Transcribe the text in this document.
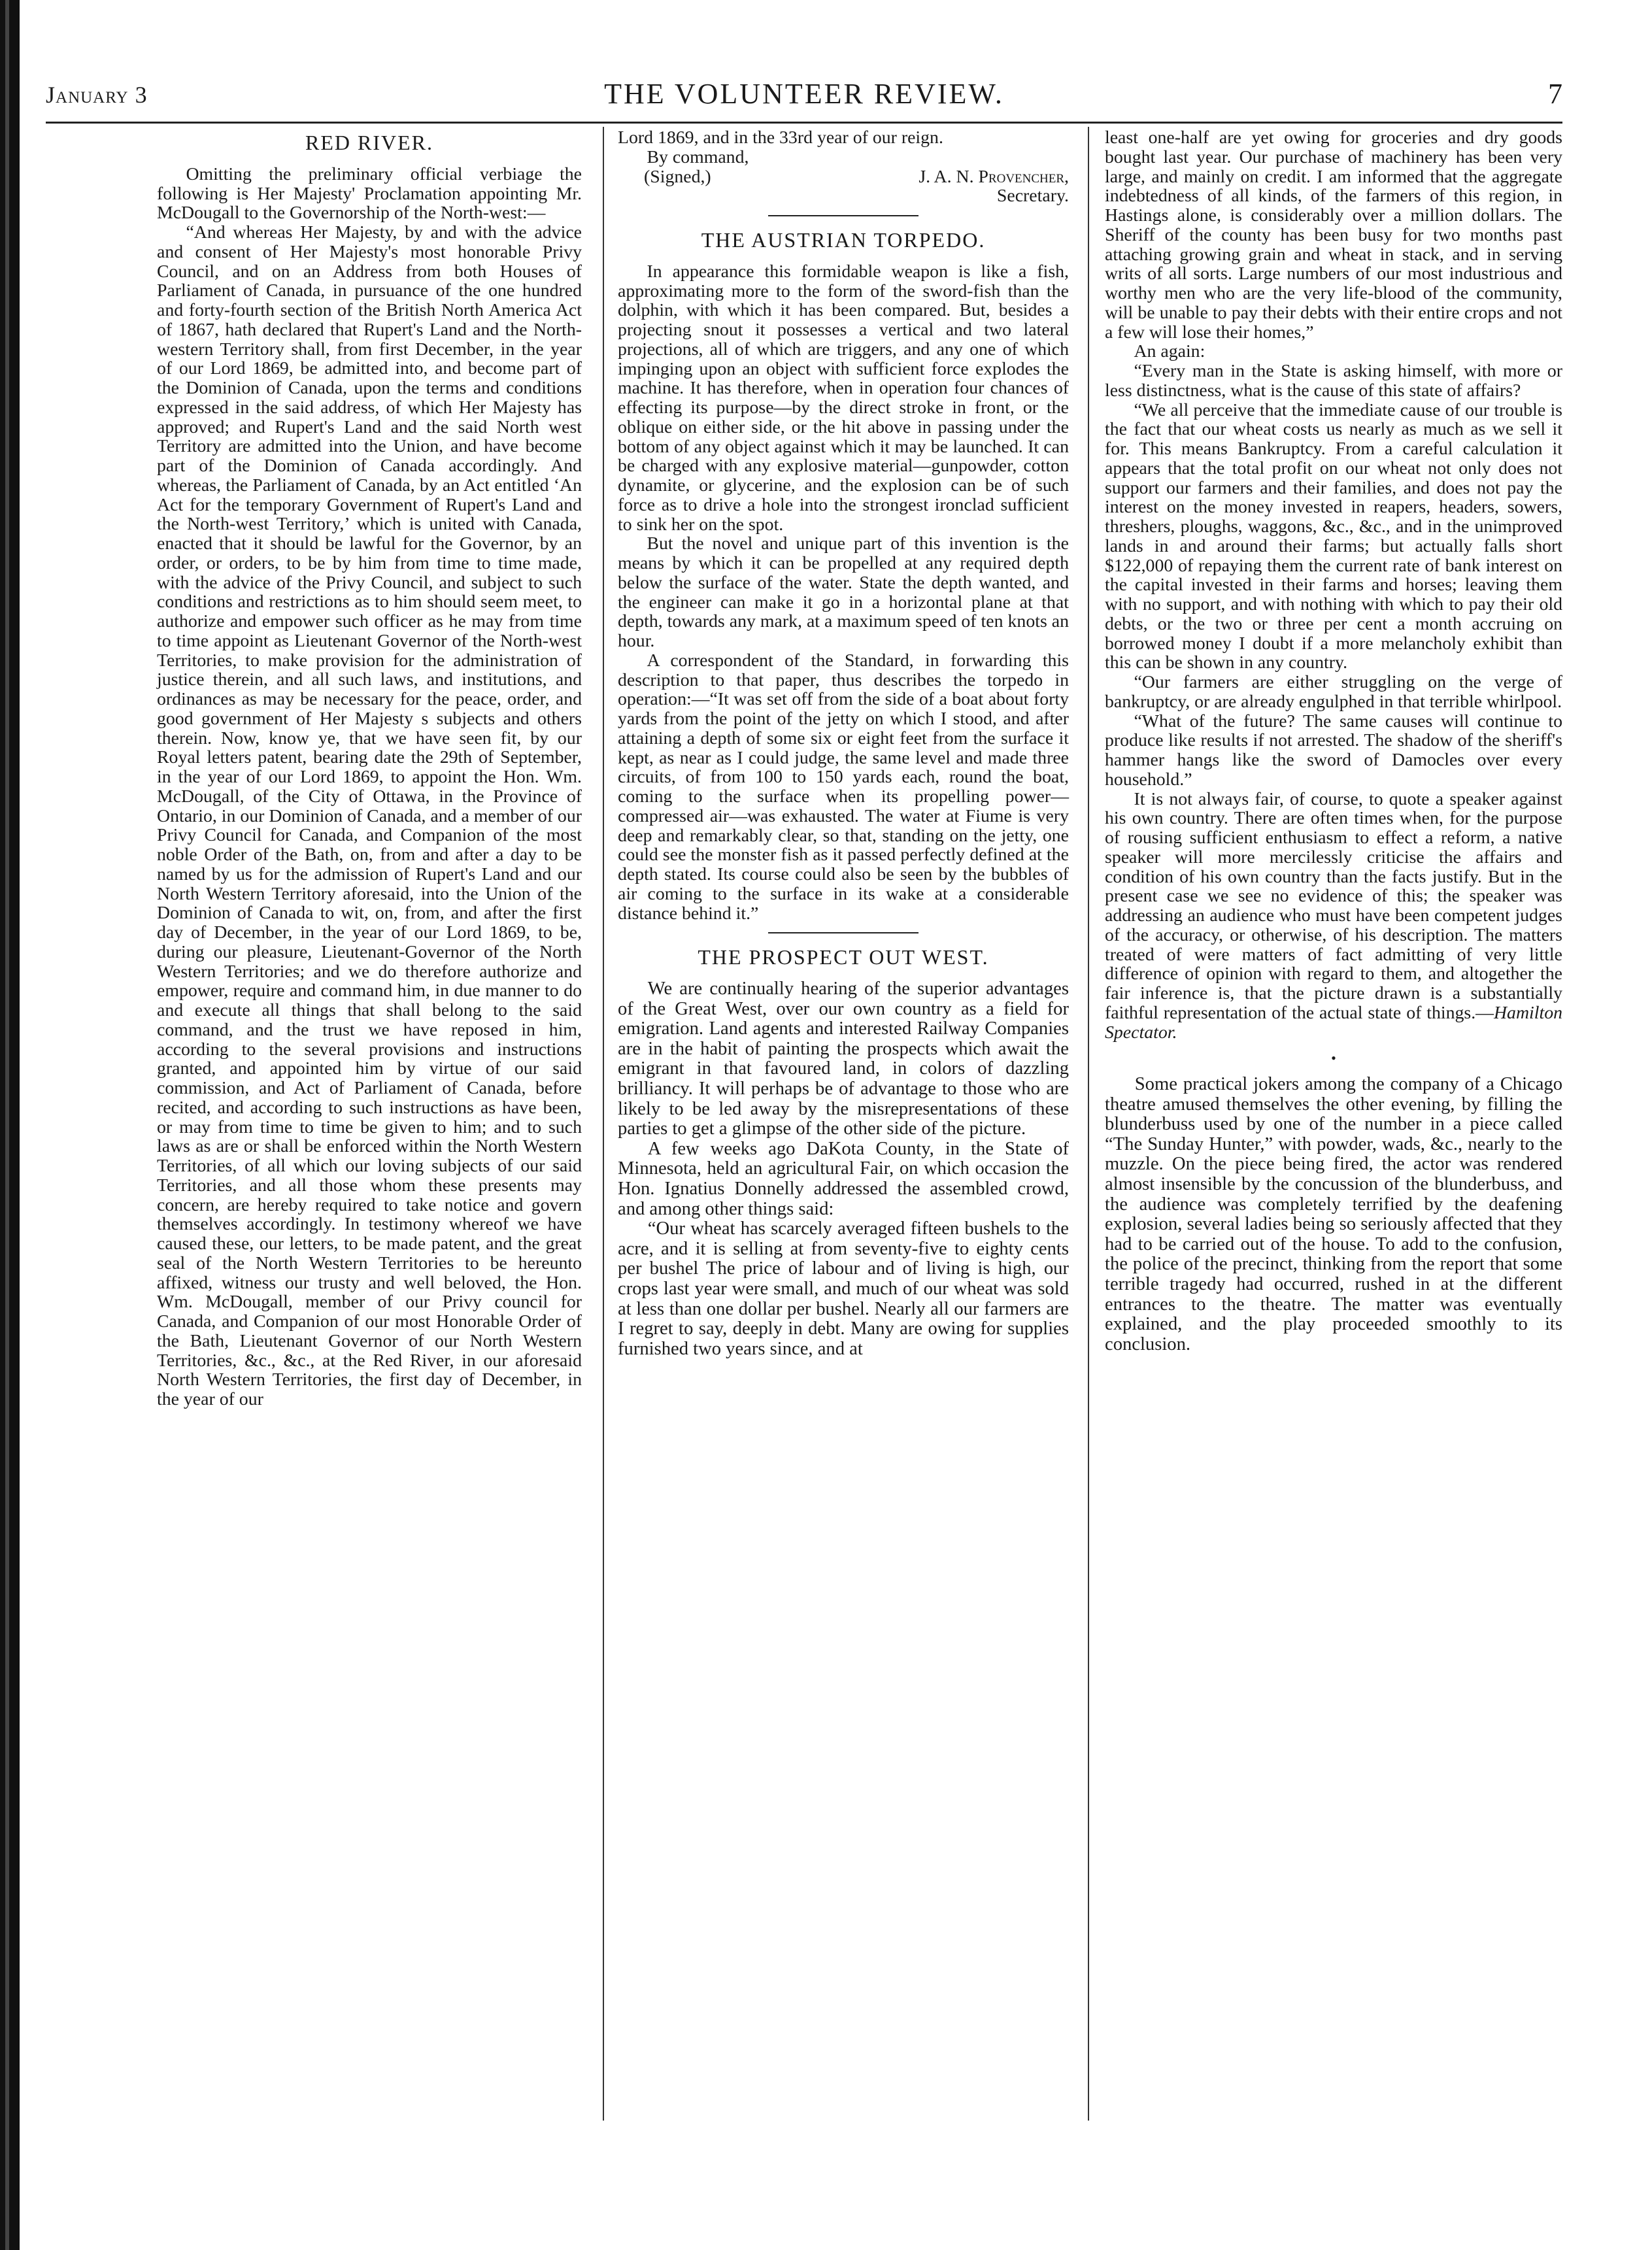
January 3	THE VOLUNTEER REVIEW.	7
RED RIVER.

Omitting the preliminary official verbiage the following is Her Majesty' Proclamation appointing Mr. McDougall to the Governorship of the North-west:—

“And whereas Her Majesty, by and with the advice and consent of Her Majesty's most honorable Privy Council, and on an Address from both Houses of Parliament of Canada, in pursuance of the one hundred and forty-fourth section of the British North America Act of 1867, hath declared that Rupert's Land and the North-western Territory shall, from first December, in the year of our Lord 1869, be admitted into, and become part of the Dominion of Canada, upon the terms and conditions expressed in the said address, of which Her Majesty has approved; and Rupert's Land and the said North west Territory are admitted into the Union, and have become part of the Dominion of Canada accordingly. And whereas, the Parliament of Canada, by an Act entitled ‘An Act for the temporary Government of Rupert's Land and the North-west Territory,’ which is united with Canada, enacted that it should be lawful for the Governor, by an order, or orders, to be by him from time to time made, with the advice of the Privy Council, and subject to such conditions and restrictions as to him should seem meet, to authorize and empower such officer as he may from time to time appoint as Lieutenant Governor of the North-west Territories, to make provision for the administration of justice therein, and all such laws, and institutions, and ordinances as may be necessary for the peace, order, and good government of Her Majesty s subjects and others therein. Now, know ye, that we have seen fit, by our Royal letters patent, bearing date the 29th of September, in the year of our Lord 1869, to appoint the Hon. Wm. McDougall, of the City of Ottawa, in the Province of Ontario, in our Dominion of Canada, and a member of our Privy Council for Canada, and Companion of the most noble Order of the Bath, on, from and after a day to be named by us for the admission of Rupert's Land and our North Western Territory aforesaid, into the Union of the Dominion of Canada to wit, on, from, and after the first day of December, in the year of our Lord 1869, to be, during our pleasure, Lieutenant-Governor of the North Western Territories; and we do therefore authorize and empower, require and command him, in due manner to do and execute all things that shall belong to the said command, and the trust we have reposed in him, according to the several provisions and instructions granted, and appointed him by virtue of our said commission, and Act of Parliament of Canada, before recited, and according to such instructions as have been, or may from time to time be given to him; and to such laws as are or shall be enforced within the North Western Territories, of all which our loving subjects of our said Territories, and all those whom these presents may concern, are hereby required to take notice and govern themselves accordingly. In testimony whereof we have caused these, our letters, to be made patent, and the great seal of the North Western Territories to be hereunto affixed, witness our trusty and well beloved, the Hon. Wm. McDougall, member of our Privy council for Canada, and Companion of our most Honorable Order of the Bath, Lieutenant Governor of our North Western Territories, &c., &c., at the Red River, in our aforesaid North Western Territories, the first day of December, in the year of our

Lord 1869, and in the 33rd year of our reign.

By command,

(Signed,)	J. A. N. Provencher,

Secretary.

THE AUSTRIAN TORPEDO.

In appearance this formidable weapon is like a fish, approximating more to the form of the sword-fish than the dolphin, with which it has been compared. But, besides a projecting snout it possesses a vertical and two lateral projections, all of which are triggers, and any one of which impinging upon an object with sufficient force explodes the machine. It has therefore, when in operation four chances of effecting its purpose—by the direct stroke in front, or the oblique on either side, or the hit above in passing under the bottom of any object against which it may be launched. It can be charged with any explosive material—gunpowder, cotton dynamite, or glycerine, and the explosion can be of such force as to drive a hole into the strongest ironclad sufficient to sink her on the spot.

But the novel and unique part of this invention is the means by which it can be propelled at any required depth below the surface of the water. State the depth wanted, and the engineer can make it go in a horizontal plane at that depth, towards any mark, at a maximum speed of ten knots an hour.

A correspondent of the Standard, in forwarding this description to that paper, thus describes the torpedo in operation:—“It was set off from the side of a boat about forty yards from the point of the jetty on which I stood, and after attaining a depth of some six or eight feet from the surface it kept, as near as I could judge, the same level and made three circuits, of from 100 to 150 yards each, round the boat, coming to the surface when its propelling power—compressed air—was exhausted. The water at Fiume is very deep and remarkably clear, so that, standing on the jetty, one could see the monster fish as it passed perfectly defined at the depth stated. Its course could also be seen by the bubbles of air coming to the surface in its wake at a considerable distance behind it.”

THE PROSPECT OUT WEST.

We are continually hearing of the superior advantages of the Great West, over our own country as a field for emigration. Land agents and interested Railway Companies are in the habit of painting the prospects which await the emigrant in that favoured land, in colors of dazzling brilliancy. It will perhaps be of advantage to those who are likely to be led away by the misrepresentations of these parties to get a glimpse of the other side of the picture.

A few weeks ago DaKota County, in the State of Minnesota, held an agricultural Fair, on which occasion the Hon. Ignatius Donnelly addressed the assembled crowd, and among other things said:

“Our wheat has scarcely averaged fifteen bushels to the acre, and it is selling at from seventy-five to eighty cents per bushel The price of labour and of living is high, our crops last year were small, and much of our wheat was sold at less than one dollar per bushel. Nearly all our farmers are I regret to say, deeply in debt. Many are owing for supplies furnished two years since, and at

least one-half are yet owing for groceries and dry goods bought last year. Our purchase of machinery has been very large, and mainly on credit. I am informed that the aggregate indebtedness of all kinds, of the farmers of this region, in Hastings alone, is considerably over a million dollars. The Sheriff of the county has been busy for two months past attaching growing grain and wheat in stack, and in serving writs of all sorts. Large numbers of our most industrious and worthy men who are the very life-blood of the community, will be unable to pay their debts with their entire crops and not a few will lose their homes,”

An again:

“Every man in the State is asking himself, with more or less distinctness, what is the cause of this state of affairs?

“We all perceive that the immediate cause of our trouble is the fact that our wheat costs us nearly as much as we sell it for. This means Bankruptcy. From a careful calculation it appears that the total profit on our wheat not only does not support our farmers and their families, and does not pay the interest on the money invested in reapers, headers, sowers, threshers, ploughs, waggons, &c., &c., and in the unimproved lands in and around their farms; but actually falls short $122,000 of repaying them the current rate of bank interest on the capital invested in their farms and horses; leaving them with no support, and with nothing with which to pay their old debts, or the two or three per cent a month accruing on borrowed money I doubt if a more melancholy exhibit than this can be shown in any country.

“Our farmers are either struggling on the verge of bankruptcy, or are already engulphed in that terrible whirlpool.

“What of the future? The same causes will continue to produce like results if not arrested. The shadow of the sheriff's hammer hangs like the sword of Damocles over every household.”

It is not always fair, of course, to quote a speaker against his own country. There are often times when, for the purpose of rousing sufficient enthusiasm to effect a reform, a native speaker will more mercilessly criticise the affairs and condition of his own country than the facts justify. But in the present case we see no evidence of this; the speaker was addressing an audience who must have been competent judges of the accuracy, or otherwise, of his description. The matters treated of were matters of fact admitting of very little difference of opinion with regard to them, and altogether the fair inference is, that the picture drawn is a substantially faithful representation of the actual state of things.—Hamilton Spectator.

•

Some practical jokers among the company of a Chicago theatre amused themselves the other evening, by filling the blunderbuss used by one of the number in a piece called “The Sunday Hunter,” with powder, wads, &c., nearly to the muzzle. On the piece being fired, the actor was rendered almost insensible by the concussion of the blunderbuss, and the audience was completely terrified by the deafening explosion, several ladies being so seriously affected that they had to be carried out of the house. To add to the confusion, the police of the precinct, thinking from the report that some terrible tragedy had occurred, rushed in at the different entrances to the theatre. The matter was eventually explained, and the play proceeded smoothly to its conclusion.
